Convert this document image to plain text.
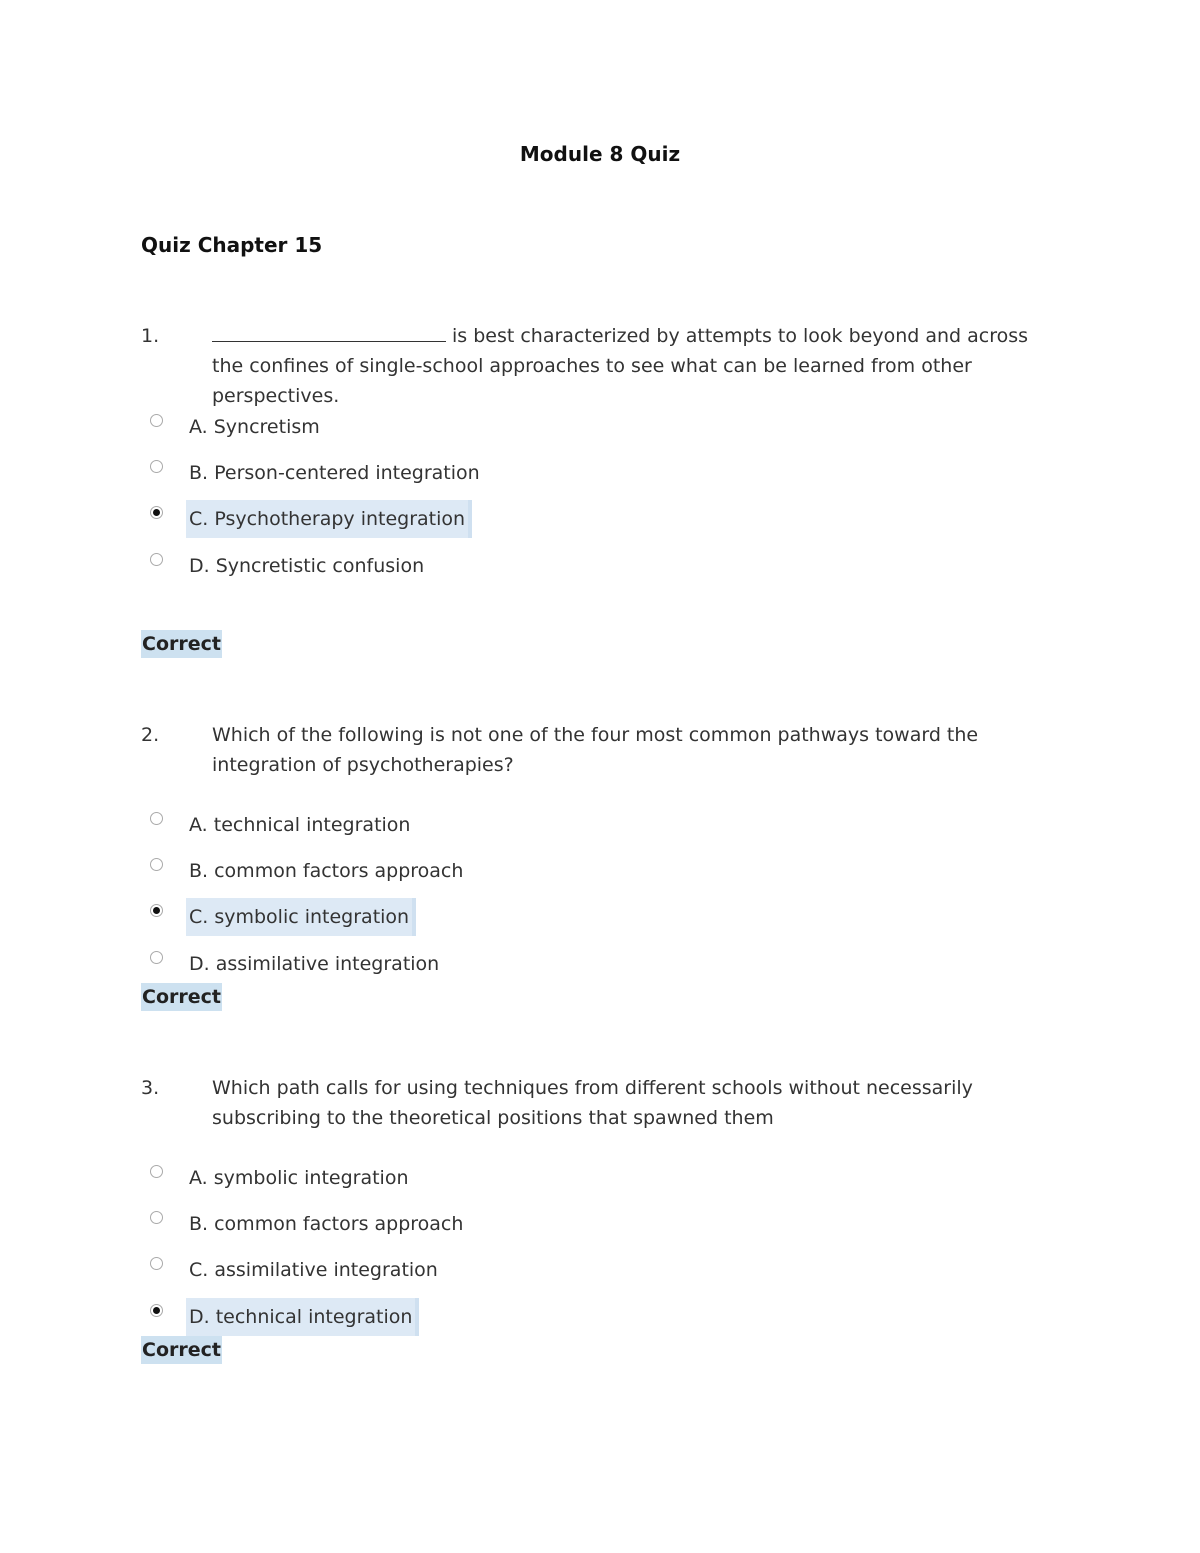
Module 8 Quiz
Quiz Chapter 15
1.	is best characterized by attempts to look beyond and across the confines of single-school approaches to see what can be learned from other perspectives.
A. Syncretism
B. Person-centered integration
C. Psychotherapy integration
D. Syncretistic confusion
Correct
2.	Which of the following is not one of the four most common pathways toward the integration of psychotherapies?
A. technical integration
B. common factors approach
C. symbolic integration
D. assimilative integration
Correct
3.	Which path calls for using techniques from different schools without necessarily subscribing to the theoretical positions that spawned them
A. symbolic integration
B. common factors approach
C. assimilative integration
D. technical integration
Correct
